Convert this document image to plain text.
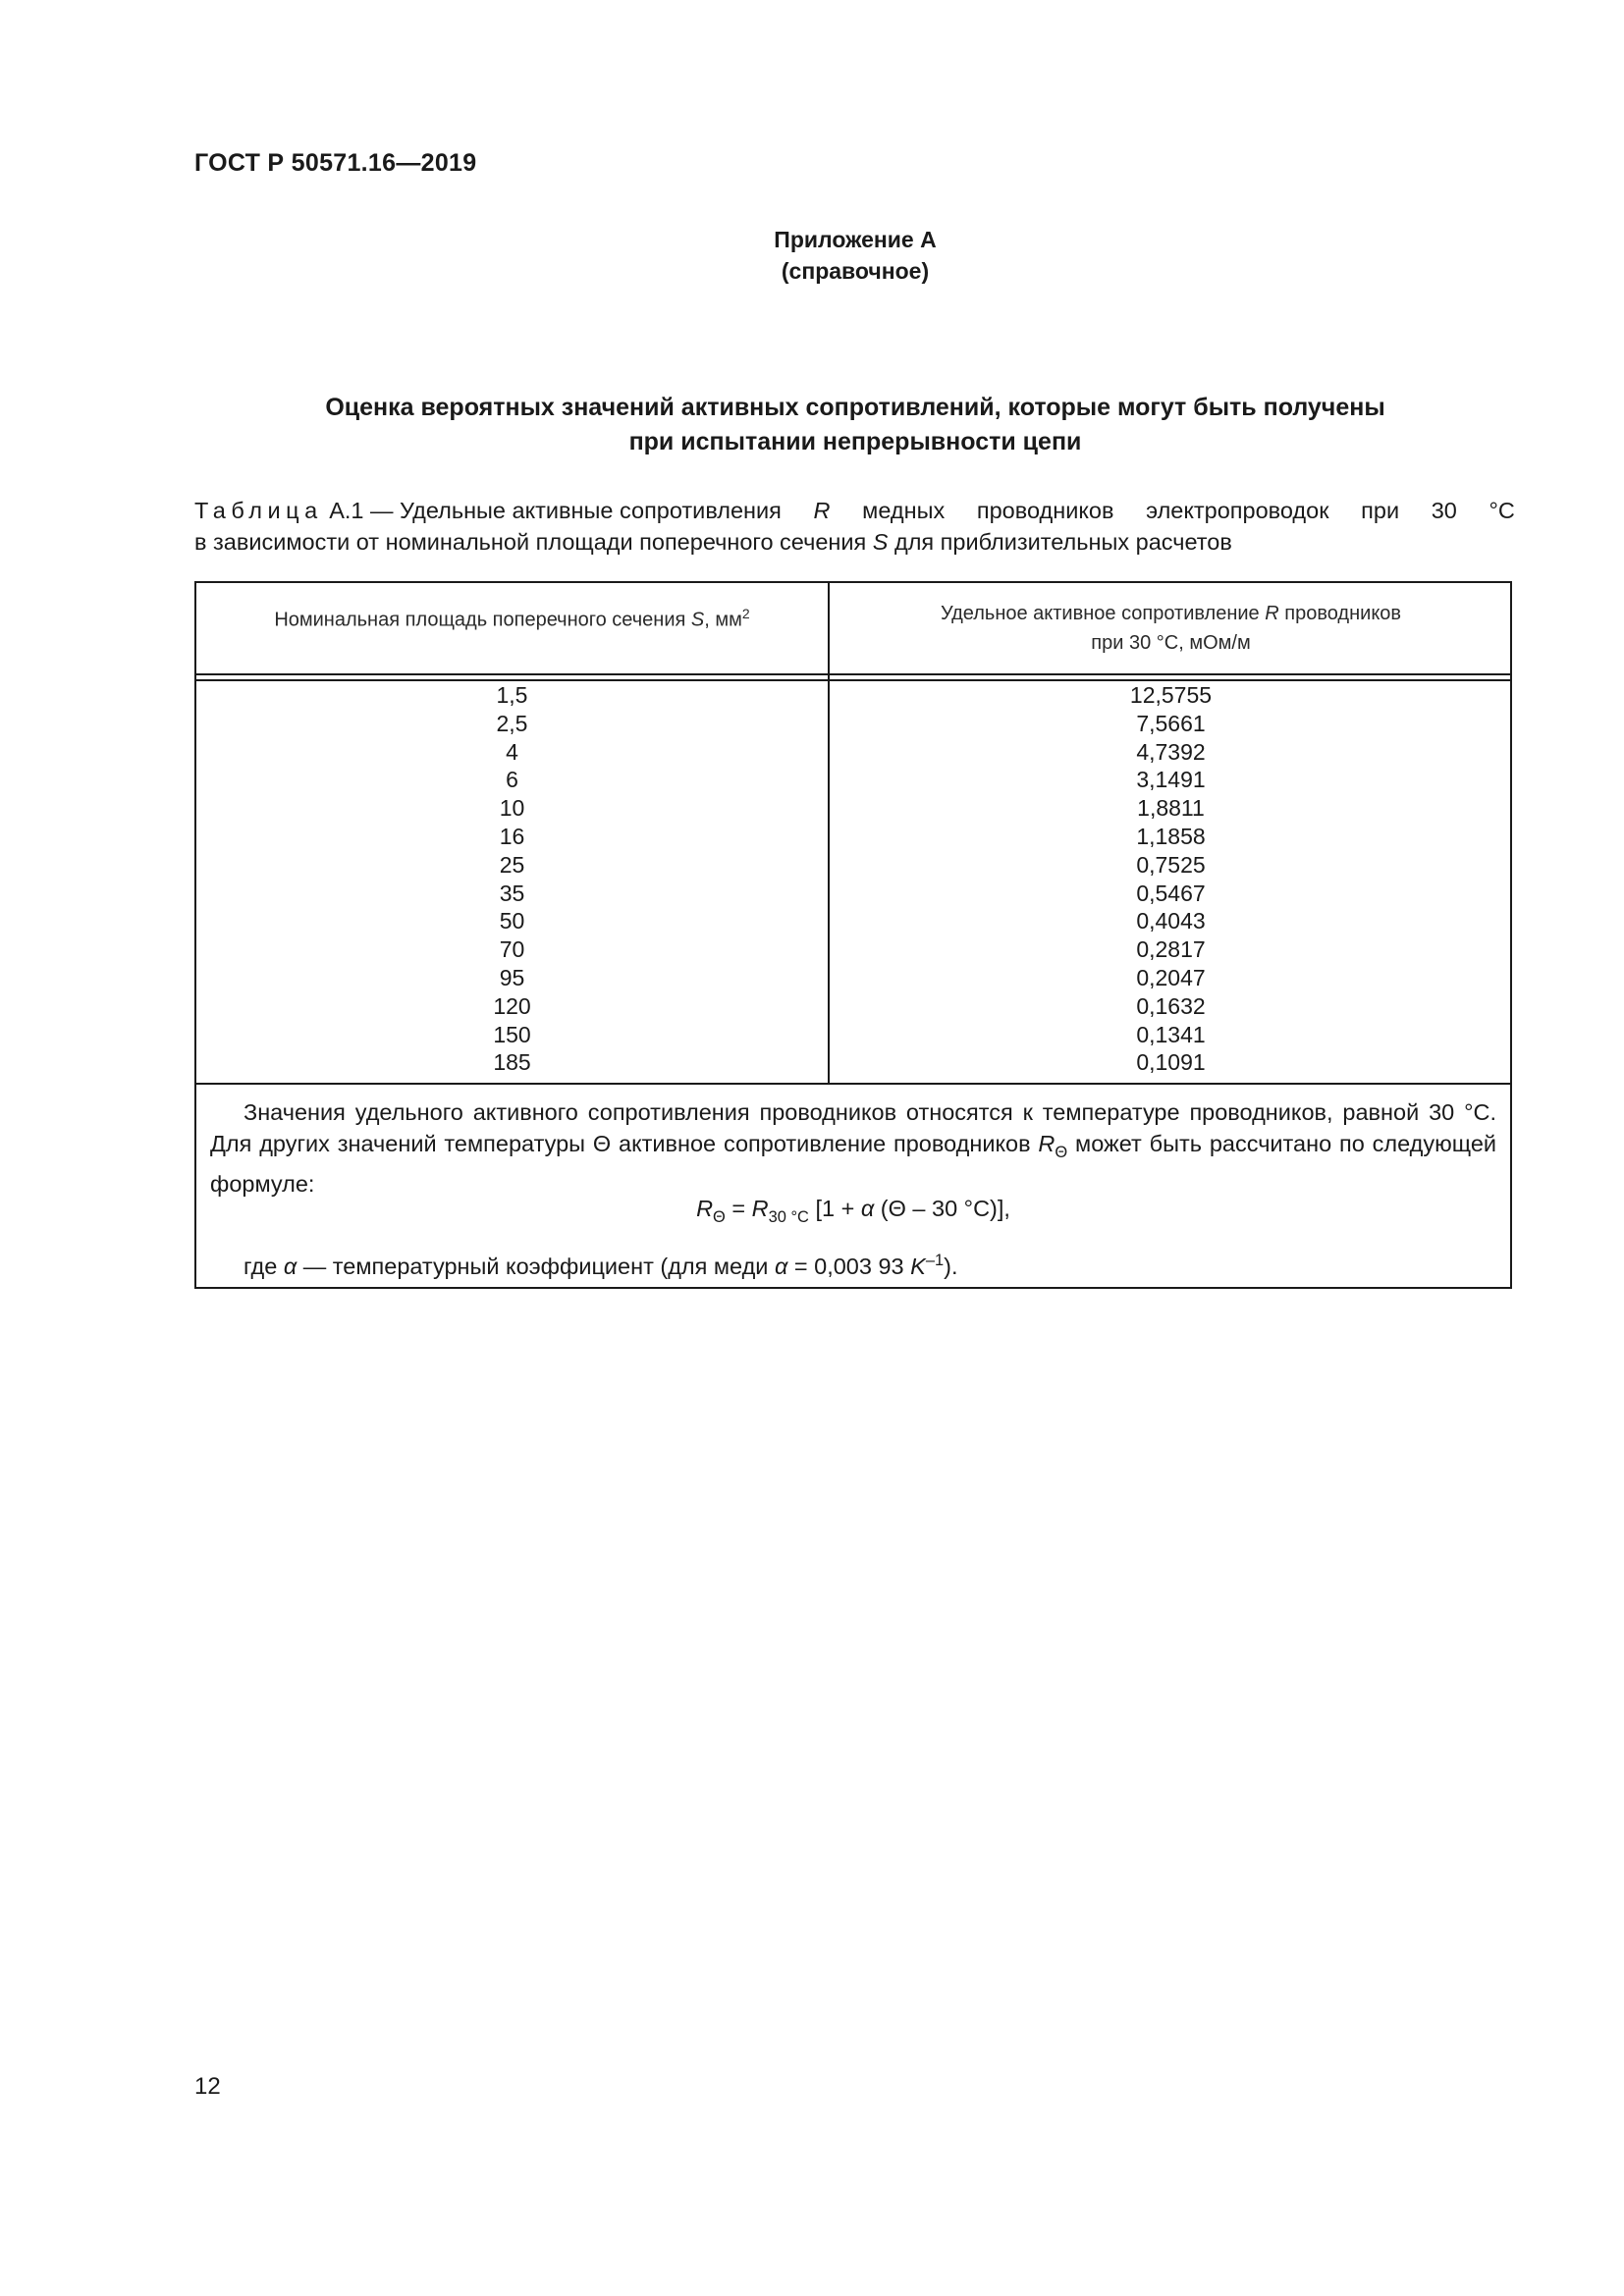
ГОСТ Р 50571.16—2019
Приложение А
(справочное)
Оценка вероятных значений активных сопротивлений, которые могут быть получены
при испытании непрерывности цепи
Таблица А.1 — Удельные активные сопротивления R медных проводников электропроводок при 30 °С
в зависимости от номинальной площади поперечного сечения S для приблизительных расчетов
Номинальная площадь поперечного сечения S, $мм^2$	Удельное активное сопротивление R проводников
при 30 °С, мОм/м
1,5
2,5
4
6
10
16
25
35
50
70
95
120
150
185
12,5755
7,5661
4,7392
3,1491
1,8811
1,1858
0,7525
0,5467
0,4043
0,2817
0,2047
0,1632
0,1341
0,1091
Значения удельного активного сопротивления проводников относятся к температуре проводников, равной 30 °С. Для других значений температуры Θ активное сопротивление проводников $R_\Theta$ может быть рассчитано по следующей формуле:
$R_\Theta = R_{30 ^\circ С}$ [1 + α (Θ – 30 °С)],
где α — температурный коэффициент (для меди α = 0,003 93 $K^{-1}$).
12
